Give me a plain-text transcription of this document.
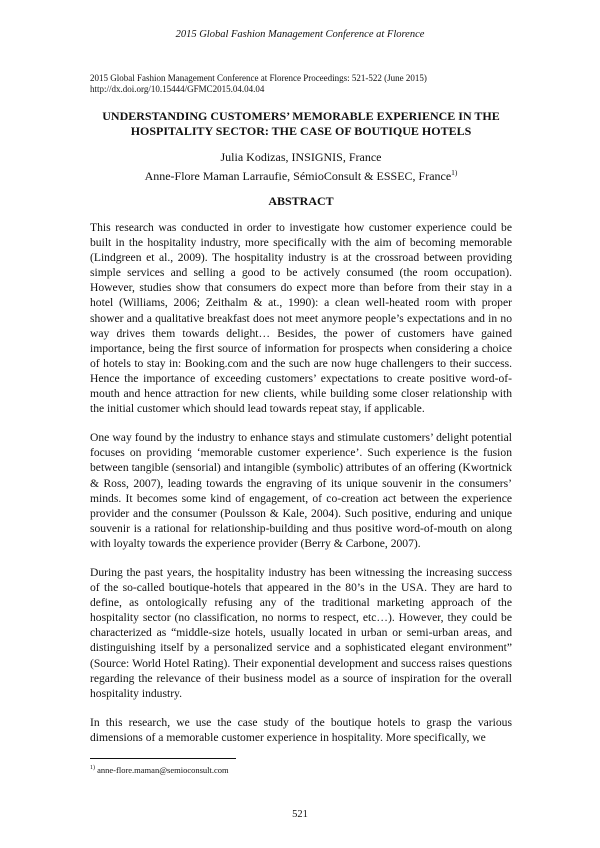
2015 Global Fashion Management Conference at Florence
2015 Global Fashion Management Conference at Florence Proceedings: 521-522 (June 2015)
http://dx.doi.org/10.15444/GFMC2015.04.04.04
UNDERSTANDING CUSTOMERS’ MEMORABLE EXPERIENCE IN THE HOSPITALITY SECTOR: THE CASE OF BOUTIQUE HOTELS
Julia Kodizas, INSIGNIS, France
Anne-Flore Maman Larraufie, SémioConsult & ESSEC, France$^{1)}$
ABSTRACT

This research was conducted in order to investigate how customer experience could be built in the hospitality industry, more specifically with the aim of becoming memorable (Lindgreen et al., 2009). The hospitality industry is at the crossroad between providing simple services and selling a good to be actively consumed (the room occupation). However, studies show that consumers do expect more than before from their stay in a hotel (Williams, 2006; Zeithalm & at., 1990): a clean well-heated room with proper shower and a qualitative breakfast does not meet anymore people’s expectations and in no way drives them towards delight… Besides, the power of customers have gained importance, being the first source of information for prospects when considering a choice of hotels to stay in: Booking.com and the such are now huge challengers to their success. Hence the importance of exceeding customers’ expectations to create positive word-of-mouth and hence attraction for new clients, while building some closer relationship with the initial customer which should lead towards repeat stay, if applicable.

One way found by the industry to enhance stays and stimulate customers’ delight potential focuses on providing ‘memorable customer experience’. Such experience is the fusion between tangible (sensorial) and intangible (symbolic) attributes of an offering (Kwortnick & Ross, 2007), leading towards the engraving of its unique souvenir in the consumers’ minds. It becomes some kind of engagement, of co-creation act between the experience provider and the consumer (Poulsson & Kale, 2004). Such positive, enduring and unique souvenir is a rational for relationship-building and thus positive word-of-mouth on along with loyalty towards the experience provider (Berry & Carbone, 2007).

During the past years, the hospitality industry has been witnessing the increasing success of the so-called boutique-hotels that appeared in the 80’s in the USA. They are hard to define, as ontologically refusing any of the traditional marketing approach of the hospitality sector (no classification, no norms to respect, etc…). However, they could be characterized as “middle-size hotels, usually located in urban or semi-urban areas, and distinguishing itself by a personalized service and a sophisticated elegant environment” (Source: World Hotel Rating). Their exponential development and success raises questions regarding the relevance of their business model as a source of inspiration for the overall hospitality industry.

In this research, we use the case study of the boutique hotels to grasp the various dimensions of a memorable customer experience in hospitality. More specifically, we

$^{1)}$ anne-flore.maman@semioconsult.com
521
